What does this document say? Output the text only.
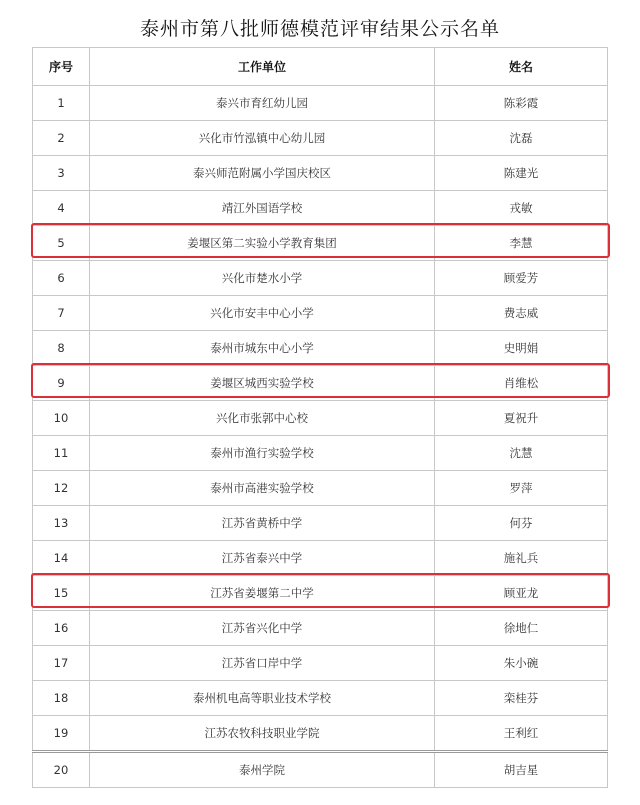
泰州市第八批师德模范评审结果公示名单
序号	工作单位	姓名
1	泰兴市育红幼儿园	陈彩霞
2	兴化市竹泓镇中心幼儿园	沈磊
3	泰兴师范附属小学国庆校区	陈建光
4	靖江外国语学校	戎敏
5	姜堰区第二实验小学教育集团	李慧
6	兴化市楚水小学	顾爱芳
7	兴化市安丰中心小学	费志威
8	泰州市城东中心小学	史明娟
9	姜堰区城西实验学校	肖维松
10	兴化市张郭中心校	夏祝升
11	泰州市渔行实验学校	沈慧
12	泰州市高港实验学校	罗萍
13	江苏省黄桥中学	何芬
14	江苏省泰兴中学	施礼兵
15	江苏省姜堰第二中学	顾亚龙
16	江苏省兴化中学	徐地仁
17	江苏省口岸中学	朱小碗
18	泰州机电高等职业技术学校	栾桂芬
19	江苏农牧科技职业学院	王利红
20	泰州学院	胡吉星
